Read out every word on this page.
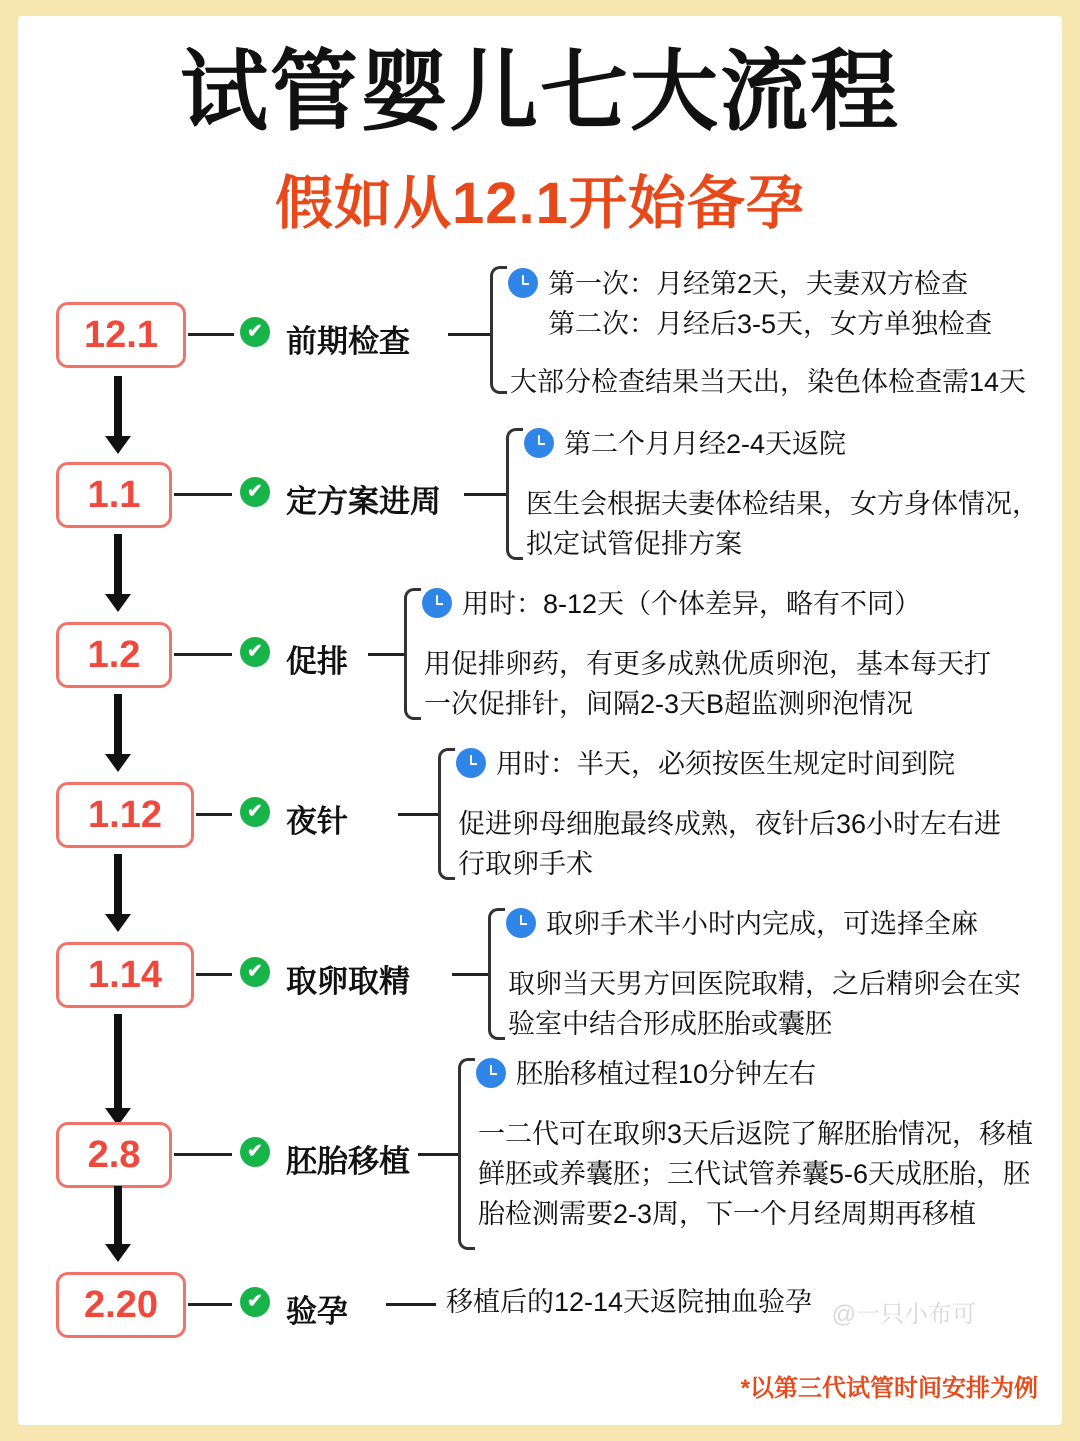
试管婴儿七大流程
假如从12.1开始备孕
12.1	✔ 前期检查
第一次：月经第2天，夫妻双方检查
第二次：月经后3-5天，女方单独检查
大部分检查结果当天出，染色体检查需14天
1.1	✔ 定方案进周
第二个月月经2-4天返院
医生会根据夫妻体检结果，女方身体情况，拟定试管促排方案
1.2	✔ 促排
用时：8-12天（个体差异，略有不同）
用促排卵药，有更多成熟优质卵泡，基本每天打一次促排针，间隔2-3天B超监测卵泡情况
1.12	✔ 夜针
用时：半天，必须按医生规定时间到院
促进卵母细胞最终成熟，夜针后36小时左右进行取卵手术
1.14	✔ 取卵取精
取卵手术半小时内完成，可选择全麻
取卵当天男方回医院取精，之后精卵会在实验室中结合形成胚胎或囊胚
2.8	✔ 胚胎移植
胚胎移植过程10分钟左右
一二代可在取卵3天后返院了解胚胎情况，移植鲜胚或养囊胚；三代试管养囊5-6天成胚胎，胚胎检测需要2-3周，下一个月经周期再移植
2.20	✔ 验孕	移植后的12-14天返院抽血验孕 @一只小布可
*以第三代试管时间安排为例
